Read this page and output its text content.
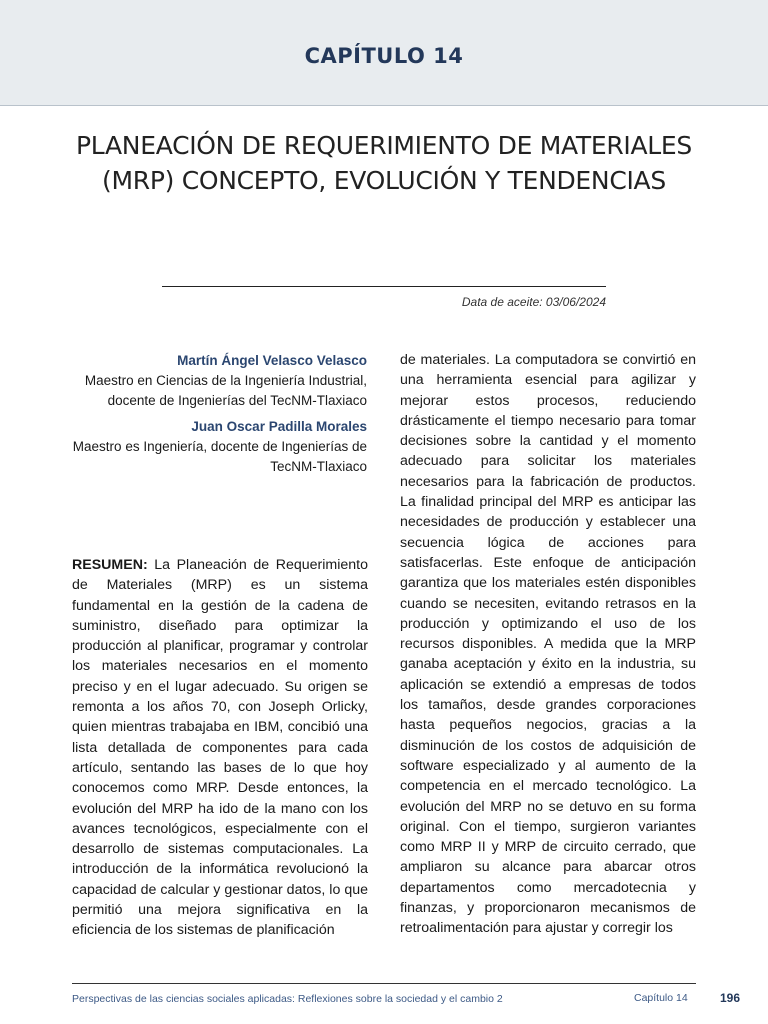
CAPÍTULO 14
PLANEACIÓN DE REQUERIMIENTO DE MATERIALES (MRP) CONCEPTO, EVOLUCIÓN Y TENDENCIAS
Data de aceite: 03/06/2024
Martín Ángel Velasco Velasco
Maestro en Ciencias de la Ingeniería Industrial, docente de Ingenierías del TecNM-Tlaxiaco
Juan Oscar Padilla Morales
Maestro es Ingeniería, docente de Ingenierías de TecNM-Tlaxiaco

RESUMEN: La Planeación de Requerimiento de Materiales (MRP) es un sistema fundamental en la gestión de la cadena de suministro, diseñado para optimizar la producción al planificar, programar y controlar los materiales necesarios en el momento preciso y en el lugar adecuado. Su origen se remonta a los años 70, con Joseph Orlicky, quien mientras trabajaba en IBM, concibió una lista detallada de componentes para cada artículo, sentando las bases de lo que hoy conocemos como MRP. Desde entonces, la evolución del MRP ha ido de la mano con los avances tecnológicos, especialmente con el desarrollo de sistemas computacionales. La introducción de la informática revolucionó la capacidad de calcular y gestionar datos, lo que permitió una mejora significativa en la eficiencia de los sistemas de planificación

de materiales. La computadora se convirtió en una herramienta esencial para agilizar y mejorar estos procesos, reduciendo drásticamente el tiempo necesario para tomar decisiones sobre la cantidad y el momento adecuado para solicitar los materiales necesarios para la fabricación de productos. La finalidad principal del MRP es anticipar las necesidades de producción y establecer una secuencia lógica de acciones para satisfacerlas. Este enfoque de anticipación garantiza que los materiales estén disponibles cuando se necesiten, evitando retrasos en la producción y optimizando el uso de los recursos disponibles. A medida que la MRP ganaba aceptación y éxito en la industria, su aplicación se extendió a empresas de todos los tamaños, desde grandes corporaciones hasta pequeños negocios, gracias a la disminución de los costos de adquisición de software especializado y al aumento de la competencia en el mercado tecnológico. La evolución del MRP no se detuvo en su forma original. Con el tiempo, surgieron variantes como MRP II y MRP de circuito cerrado, que ampliaron su alcance para abarcar otros departamentos como mercadotecnia y finanzas, y proporcionaron mecanismos de retroalimentación para ajustar y corregir los

Perspectivas de las ciencias sociales aplicadas: Reflexiones sobre la sociedad y el cambio 2	Capítulo 14	196
